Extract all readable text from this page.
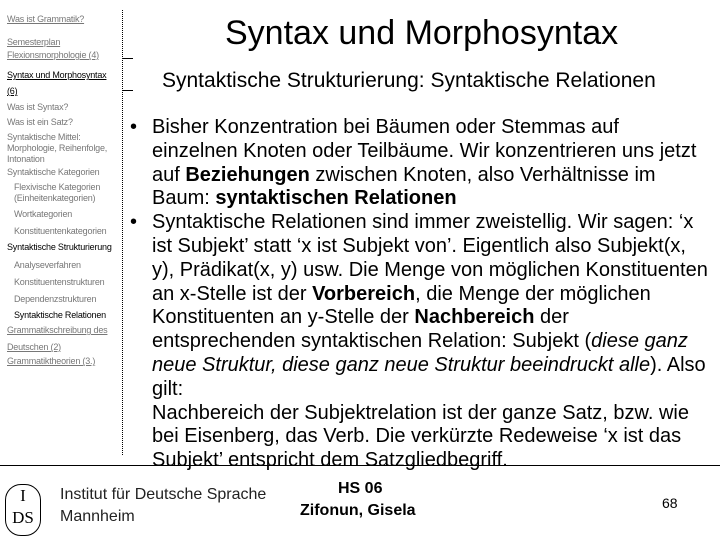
Was ist Grammatik?
Semesterplan
Flexionsmorphologie (4)
Syntax und Morphosyntax
(6)
Was ist Syntax?
Was ist ein Satz?
Syntaktische Mittel:
Morphologie, Reihenfolge,
Intonation
Syntaktische Kategorien
Flexivische Kategorien
(Einheitenkategorien)
Wortkategorien
Konstituentenkategorien
Syntaktische Strukturierung
Analyseverfahren
Konstituentenstrukturen
Dependenzstrukturen
Syntaktische Relationen
Grammatikschreibung des
Deutschen (2)
Grammatiktheorien (3.)
Syntax und Morphosyntax
Syntaktische Strukturierung: Syntaktische Relationen
• Bisher Konzentration bei Bäumen oder Stemmas auf
einzelnen Knoten oder Teilbäume. Wir konzentrieren uns jetzt
auf Beziehungen zwischen Knoten, also Verhältnisse im
Baum: syntaktischen Relationen
• Syntaktische Relationen sind immer zweistellig. Wir sagen: ‘x
ist Subjekt’ statt ‘x ist Subjekt von’. Eigentlich also Subjekt(x,
y), Prädikat(x, y) usw. Die Menge von möglichen Konstituenten
an x-Stelle ist der Vorbereich, die Menge der möglichen
Konstituenten an y-Stelle der Nachbereich der
entsprechenden syntaktischen Relation: Subjekt (diese ganz
neue Struktur, diese ganz neue Struktur beeindruckt alle). Also
gilt:
Nachbereich der Subjektrelation ist der ganze Satz, bzw. wie
bei Eisenberg, das Verb. Die verkürzte Redeweise ‘x ist das
Subjekt’ entspricht dem Satzgliedbegriff.
I
DS
Institut für Deutsche Sprache
Mannheim
HS 06
Zifonun, Gisela	68
